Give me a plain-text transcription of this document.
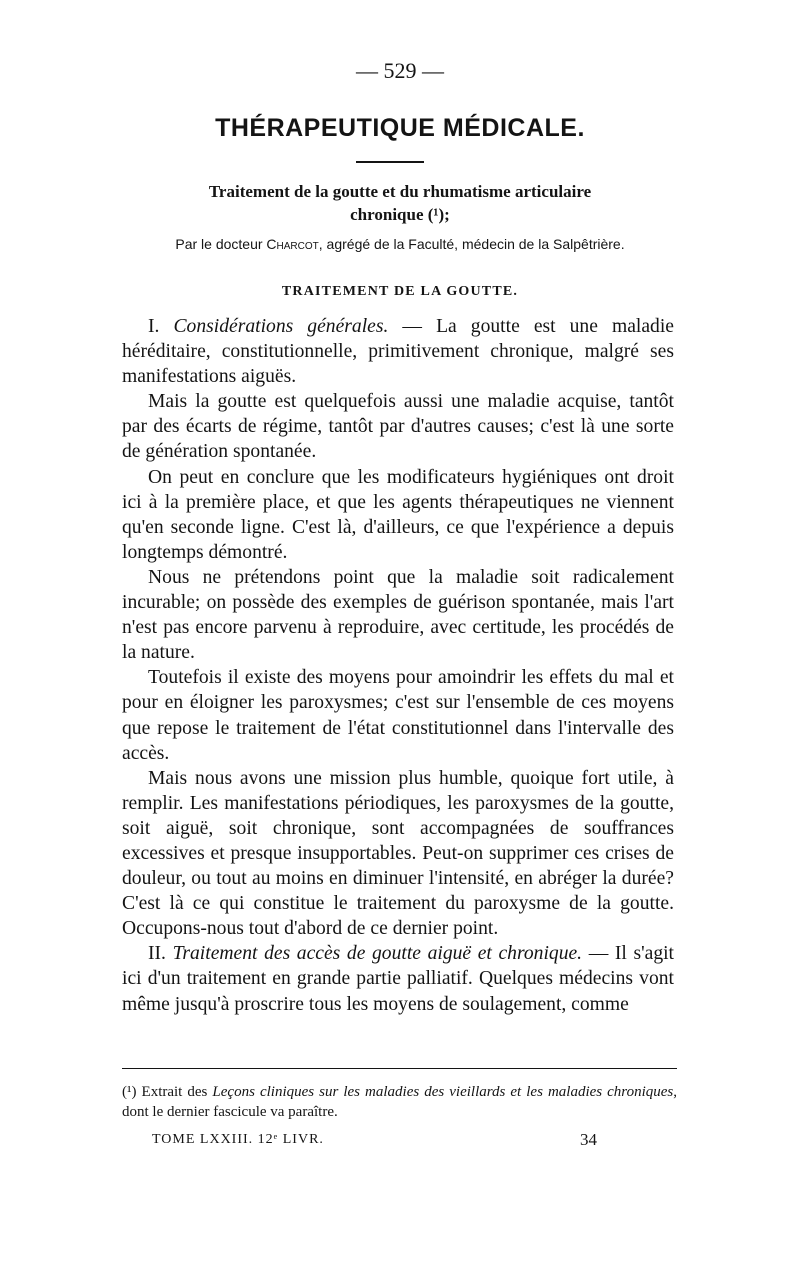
— 529 —
THÉRAPEUTIQUE MÉDICALE.
Traitement de la goutte et du rhumatisme articulaire
chronique (¹);
Par le docteur Charcot, agrégé de la Faculté, médecin de la Salpêtrière.
TRAITEMENT DE LA GOUTTE.

I. Considérations générales. — La goutte est une maladie héréditaire, constitutionnelle, primitivement chronique, malgré ses manifestations aiguës.

Mais la goutte est quelquefois aussi une maladie acquise, tantôt par des écarts de régime, tantôt par d'autres causes; c'est là une sorte de génération spontanée.

On peut en conclure que les modificateurs hygiéniques ont droit ici à la première place, et que les agents thérapeutiques ne viennent qu'en seconde ligne. C'est là, d'ailleurs, ce que l'expérience a depuis longtemps démontré.

Nous ne prétendons point que la maladie soit radicalement incurable; on possède des exemples de guérison spontanée, mais l'art n'est pas encore parvenu à reproduire, avec certitude, les procédés de la nature.

Toutefois il existe des moyens pour amoindrir les effets du mal et pour en éloigner les paroxysmes; c'est sur l'ensemble de ces moyens que repose le traitement de l'état constitutionnel dans l'intervalle des accès.

Mais nous avons une mission plus humble, quoique fort utile, à remplir. Les manifestations périodiques, les paroxysmes de la goutte, soit aiguë, soit chronique, sont accompagnées de souffrances excessives et presque insupportables. Peut-on supprimer ces crises de douleur, ou tout au moins en diminuer l'intensité, en abréger la durée? C'est là ce qui constitue le traitement du paroxysme de la goutte. Occupons-nous tout d'abord de ce dernier point.

II. Traitement des accès de goutte aiguë et chronique. — Il s'agit ici d'un traitement en grande partie palliatif. Quelques médecins vont même jusqu'à proscrire tous les moyens de soulagement, comme

(¹) Extrait des Leçons cliniques sur les maladies des vieillards et les maladies chroniques, dont le dernier fascicule va paraître.
TOME LXXIII. 12ᵉ LIVR.	34
